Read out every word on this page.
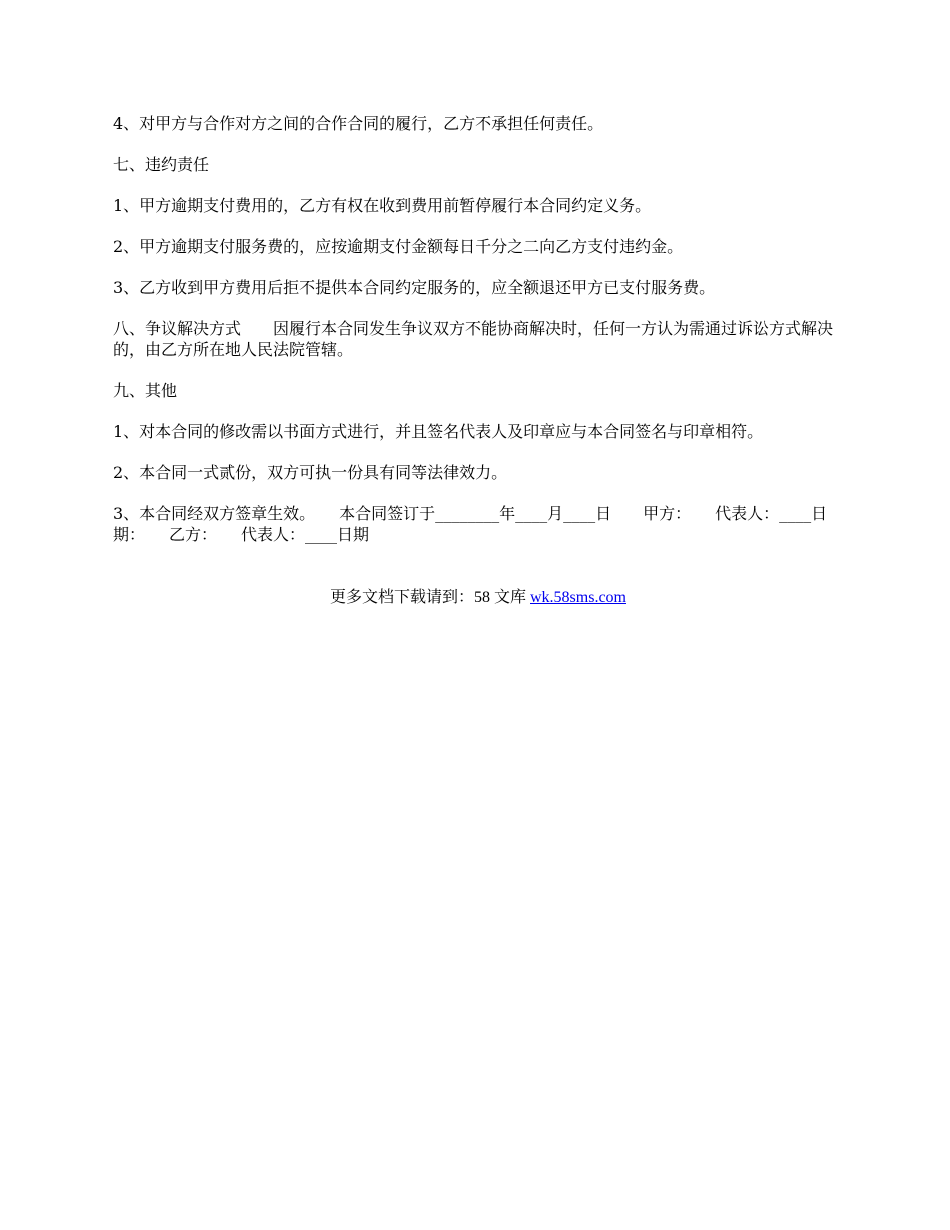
4、对甲方与合作对方之间的合作合同的履行，乙方不承担任何责任。

七、违约责任

1、甲方逾期支付费用的，乙方有权在收到费用前暂停履行本合同约定义务。

2、甲方逾期支付服务费的，应按逾期支付金额每日千分之二向乙方支付违约金。

3、乙方收到甲方费用后拒不提供本合同约定服务的，应全额退还甲方已支付服务费。

八、争议解决方式　　因履行本合同发生争议双方不能协商解决时，任何一方认为需通过诉讼方式解决的，由乙方所在地人民法院管辖。

九、其他

1、对本合同的修改需以书面方式进行，并且签名代表人及印章应与本合同签名与印章相符。

2、本合同一式贰份，双方可执一份具有同等法律效力。

3、本合同经双方签章生效。　　本合同签订于________年____月____日　　甲方：　　代表人：____日期：　　乙方：　　代表人：____日期

更多文档下载请到：58 文库 wk.58sms.com
